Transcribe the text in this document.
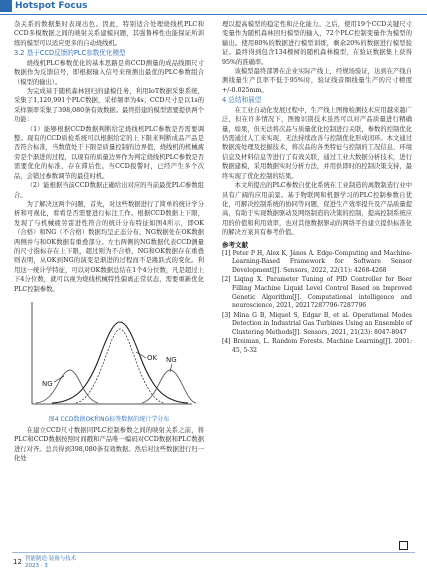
Hotspot Focus

杂关系的数据集时表现出色。因此，特别适合处理烧线机PLC和CCD多模数据之间的映射关系建模问题，其强鲁棒性也能保证所训练的模型可以适应更多的自动烧线机。

3.2 基于CCD反馈的PLC参数优化模型

烧线机PLC参数优化的基本思路是将CCD测量的成品线圈尺寸数据作为反馈信号，即根据输入信号来预测出最优的PLC参数组合（模型的输出）。

为完成基于随机森林回归的建模任务，利用IoT数据采集系统，采集了1,120,991个PLC数据，采样频率为4s；CCD尺寸是以1s的采样频率采集了398,080条有效数据。最终搭建的模型需要提供两个功能：

（1）能够根据CCD数据判断给定烧线机PLC参数是否需要调整。现有的CCD质检系统可以根据给定的上下限来判断成品产品是否符合标准，当数值处于下限是质量控制的边界值，烧线机的机械疲劳是个渐进的过程，以现有的质量边界作为判定烧线机PLC参数是否需要优化的标准，存在滞后性。当CCD报警时，已经产生多个次品，会错过参数调节的最佳时机。

（2）能根据当前CCD数据正确给出对应的当前最优PLC参数组合。

为了解决这两个问题，首先，对这些数据进行了简单的统计学分析和可视化，看看是否需要进行标注工作。根据CCD数据上下限，发现了与机械疲劳雷进性符合的统计分布特征如图4所示，即OK（合格）和NG（不合格）数据均呈正态分布，NG数据处在OK数据两侧并与和OK数据有重叠部分。左右两侧的NG数据代表CCD测量的尺寸指标存在上下限，超过则为不合格，NG和OK数据存在重叠则表明，从OK到NG的演变是渐进的过程而不是跳跃式的变化。利用这一统计学特征，可以对OK数据总结在1个4分位数，凡是超过上下4分位数，就可以视为烧线机械特性偏离正常状态，需要重新优化PLC控制参数。

NG
OK NG

图4 CCD数据OK和NG标签数据的统计学分布

在建立CCD尺寸数据同PLC控制参数之间的映射关系之前，将PLC和CCD数据按照时间戳和产品唯一编码对CCD数据和PLC数据进行对齐。总共得到398,080条有效数据。然后对这些数据进行归一化处

理以提高模型的稳定性和泛化能力。之后，使用19个CCD关键尺寸变量作为随机森林回归模型的输入，72个PLC控制变量作为模型的输出。使用80%的数据进行模型训练，剩余20%的数据进行模型验证。最终得到包含134棵树的随机森林模型，在验证数据集上获得95%的准确率。

该模型最终部署在企业实际产线上，经规场验证，达到在产线自测线量生产良率不低于95%时，验证线音圈线量生产的尺寸精度+/-0.025mm。

4 总结和展望

在工业自动化发展过程中，生产线上图像检测技术应用越来越广泛，但在许多情况下，图像识别技术虽然可以对产品质量进行精确量，如果，但无法将次品与质量优化控制进行关联，参数的控制优化仍需通过人工来实现，无法持续改善与控制优化形成闭环。本文通过数据流处理及挖掘技术，将次品的各类特征与控制的工况信息、环境信息及材料信息等进行了有效关联，通过工业大数据分析技术，进行数据建模，采用数据实时分析方法，并用供即时的控制决策支持，最终实现了优化控制的结果。

本文所提出的PLC参数自优化系统在工业制造的离散制造行业中具有广阔的应用前景。基于物联网和机器学习的PLC控制参数自优化，可解决控制系统的协同等问题，促进生产效率提升及产品质量提高，有助于实现数据驱动及网络制造的决策的控制，提高控制系统应用的价值和利用效率，也对其他数据驱动的网络平台建立提供标准化的解决方案具有参考价值。

参考文献

[1] Peter P H, Alex K, János A. Edge-Computing and Machine-Learning-Based Framework for Software Sensor Development[J]. Sensors, 2022, 22(11): 4268-4268

[2] Liqing X. Parameter Tuning of PID Controller for Beer Filling Machine Liquid Level Control Based on Improved Genetic Algorithm[J]. Computational intelligence and neuroscience, 2021, 20217287796-7287796

[3] Mina G B, Miquel S, Edgar B, et al. Operational Modes Detection in Industrial Gas Turbines Using an Ensemble of Clustering Methods[J]. Sensors, 2021, 21(23): 8047-8047

[4] Breiman, L. Random Forests. Machine Learning[J]. 2001: 45, 5-32

12 智能制造·装备与技术
2023 · 3
